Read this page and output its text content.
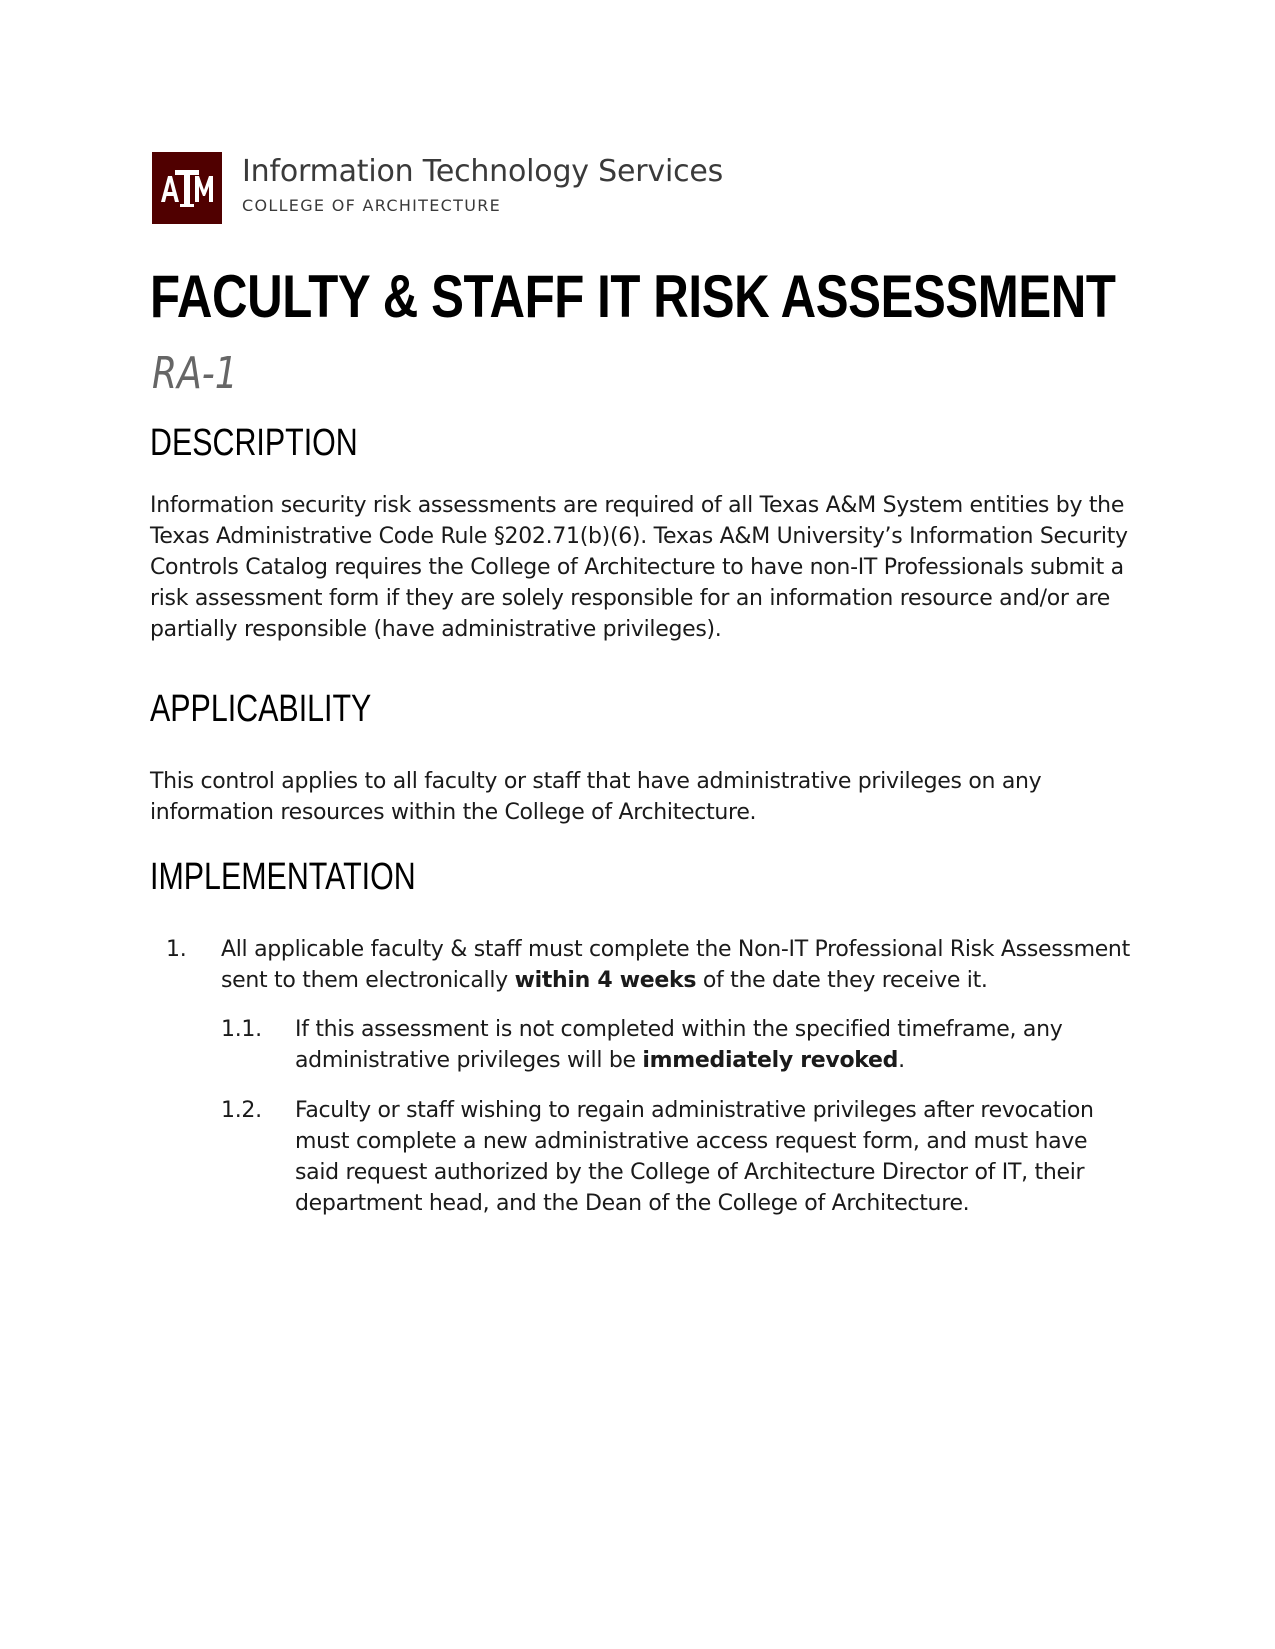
Information Technology Services
COLLEGE OF ARCHITECTURE
FACULTY & STAFF IT RISK ASSESSMENT
RA-1
DESCRIPTION

Information security risk assessments are required of all Texas A&M System entities by the Texas Administrative Code Rule §202.71(b)(6). Texas A&M University’s Information Security Controls Catalog requires the College of Architecture to have non-IT Professionals submit a risk assessment form if they are solely responsible for an information resource and/or are partially responsible (have administrative privileges).

APPLICABILITY

This control applies to all faculty or staff that have administrative privileges on any information resources within the College of Architecture.

IMPLEMENTATION
1. All applicable faculty & staff must complete the Non-IT Professional Risk Assessment sent to them electronically within 4 weeks of the date they receive it.

1.1. If this assessment is not completed within the specified timeframe, any administrative privileges will be immediately revoked.

1.2. Faculty or staff wishing to regain administrative privileges after revocation must complete a new administrative access request form, and must have said request authorized by the College of Architecture Director of IT, their department head, and the Dean of the College of Architecture.
